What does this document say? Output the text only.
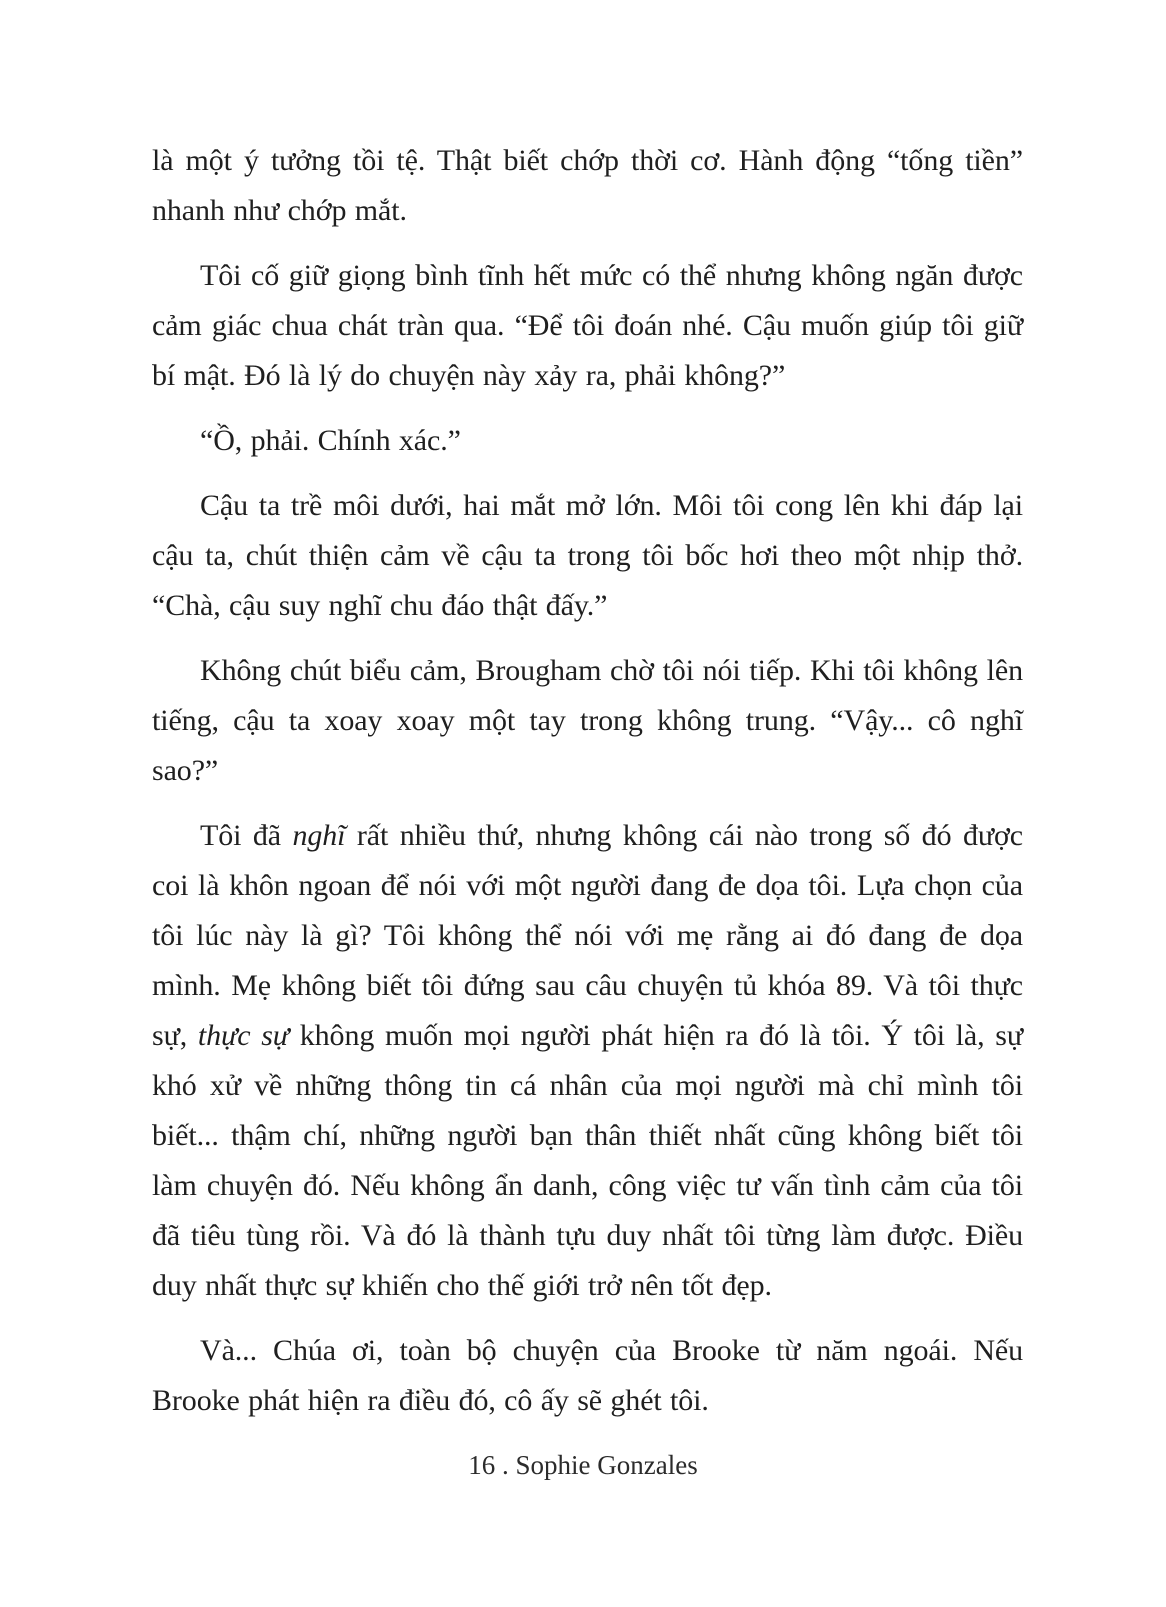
là một ý tưởng tồi tệ. Thật biết chớp thời cơ. Hành động “tống tiền” nhanh như chớp mắt.

Tôi cố giữ giọng bình tĩnh hết mức có thể nhưng không ngăn được cảm giác chua chát tràn qua. “Để tôi đoán nhé. Cậu muốn giúp tôi giữ bí mật. Đó là lý do chuyện này xảy ra, phải không?”

“Ồ, phải. Chính xác.”

Cậu ta trề môi dưới, hai mắt mở lớn. Môi tôi cong lên khi đáp lại cậu ta, chút thiện cảm về cậu ta trong tôi bốc hơi theo một nhịp thở. “Chà, cậu suy nghĩ chu đáo thật đấy.”

Không chút biểu cảm, Brougham chờ tôi nói tiếp. Khi tôi không lên tiếng, cậu ta xoay xoay một tay trong không trung. “Vậy... cô nghĩ sao?”

Tôi đã nghĩ rất nhiều thứ, nhưng không cái nào trong số đó được coi là khôn ngoan để nói với một người đang đe dọa tôi. Lựa chọn của tôi lúc này là gì? Tôi không thể nói với mẹ rằng ai đó đang đe dọa mình. Mẹ không biết tôi đứng sau câu chuyện tủ khóa 89. Và tôi thực sự, thực sự không muốn mọi người phát hiện ra đó là tôi. Ý tôi là, sự khó xử về những thông tin cá nhân của mọi người mà chỉ mình tôi biết... thậm chí, những người bạn thân thiết nhất cũng không biết tôi làm chuyện đó. Nếu không ẩn danh, công việc tư vấn tình cảm của tôi đã tiêu tùng rồi. Và đó là thành tựu duy nhất tôi từng làm được. Điều duy nhất thực sự khiến cho thế giới trở nên tốt đẹp.

Và... Chúa ơi, toàn bộ chuyện của Brooke từ năm ngoái. Nếu Brooke phát hiện ra điều đó, cô ấy sẽ ghét tôi.

16 . Sophie Gonzales
